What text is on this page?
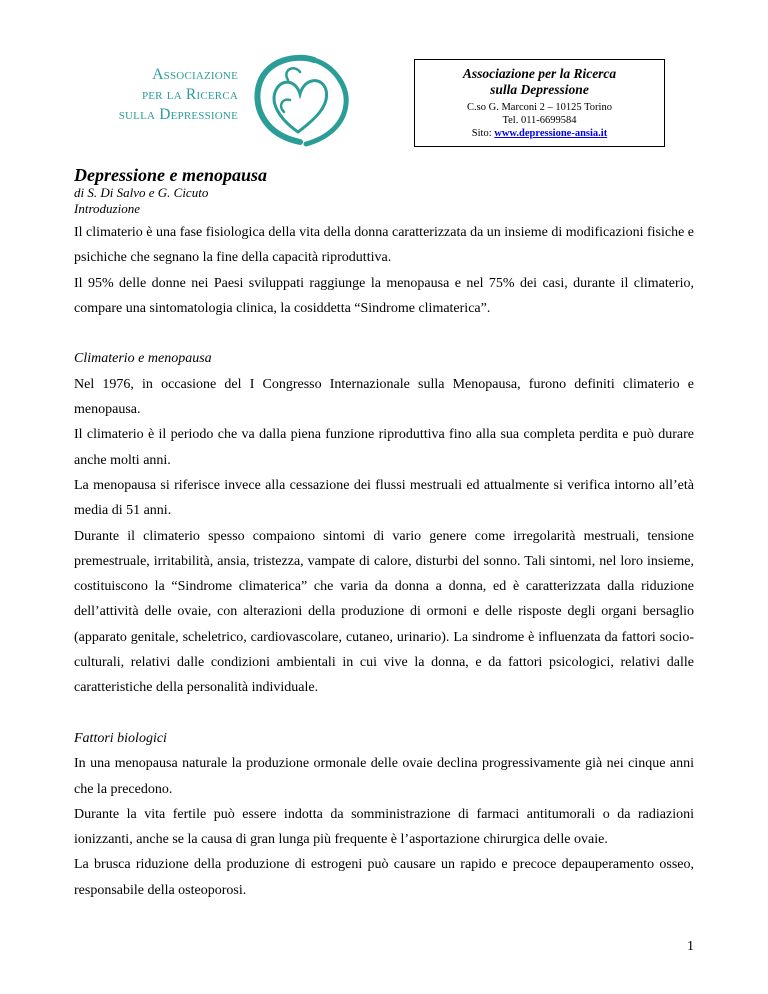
Associazione
per la Ricerca
sulla Depressione
Associazione per la Ricerca
sulla Depressione
C.so G. Marconi 2 – 10125 Torino
Tel. 011-6699584
Sito: www.depressione-ansia.it
Depressione e menopausa
di S. Di Salvo e G. Cicuto
Introduzione

Il climaterio è una fase fisiologica della vita della donna caratterizzata da un insieme di modificazioni fisiche e psichiche che segnano la fine della capacità riproduttiva.

Il 95% delle donne nei Paesi sviluppati raggiunge la menopausa e nel 75% dei casi, durante il climaterio, compare una sintomatologia clinica, la cosiddetta “Sindrome climaterica”.

Climaterio e menopausa

Nel 1976, in occasione del I Congresso Internazionale sulla Menopausa, furono definiti climaterio e menopausa.

Il climaterio è il periodo che va dalla piena funzione riproduttiva fino alla sua completa perdita e può durare anche molti anni.

La menopausa si riferisce invece alla cessazione dei flussi mestruali ed attualmente si verifica intorno all’età media di 51 anni.

Durante il climaterio spesso compaiono sintomi di vario genere come irregolarità mestruali, tensione premestruale, irritabilità, ansia, tristezza, vampate di calore, disturbi del sonno. Tali sintomi, nel loro insieme, costituiscono la “Sindrome climaterica” che varia da donna a donna, ed è caratterizzata dalla riduzione dell’attività delle ovaie, con alterazioni della produzione di ormoni e delle risposte degli organi bersaglio (apparato genitale, scheletrico, cardiovascolare, cutaneo, urinario). La sindrome è influenzata da fattori socio-culturali, relativi dalle condizioni ambientali in cui vive la donna, e da fattori psicologici, relativi dalle caratteristiche della personalità individuale.

Fattori biologici

In una menopausa naturale la produzione ormonale delle ovaie declina progressivamente già nei cinque anni che la precedono.

Durante la vita fertile può essere indotta da somministrazione di farmaci antitumorali o da radiazioni ionizzanti, anche se la causa di gran lunga più frequente è l’asportazione chirurgica delle ovaie.

La brusca riduzione della produzione di estrogeni può causare un rapido e precoce depauperamento osseo, responsabile della osteoporosi.

1
